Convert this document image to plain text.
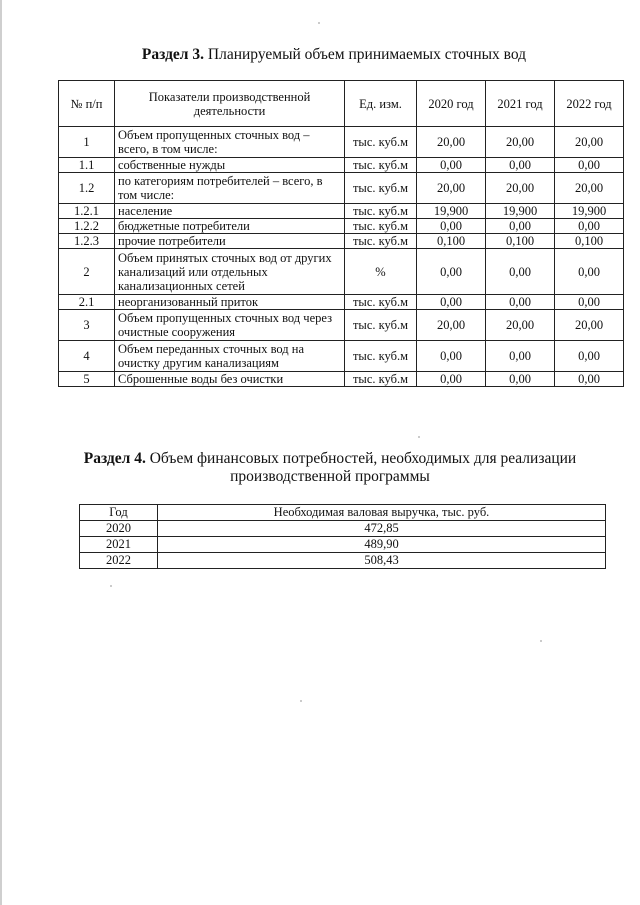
Раздел 3. Планируемый объем принимаемых сточных вод
№ п/п	Показатели производственной деятельности	Ед. изм.	2020 год	2021 год	2022 год
1	Объем пропущенных сточных вод – всего, в том числе:	тыс. куб.м	20,00	20,00	20,00
1.1	собственные нужды	тыс. куб.м	0,00	0,00	0,00
1.2	по категориям потребителей – всего, в том числе:	тыс. куб.м	20,00	20,00	20,00
1.2.1	население	тыс. куб.м	19,900	19,900	19,900
1.2.2	бюджетные потребители	тыс. куб.м	0,00	0,00	0,00
1.2.3	прочие потребители	тыс. куб.м	0,100	0,100	0,100
2	Объем принятых сточных вод от других канализаций или отдельных канализационных сетей	%	0,00	0,00	0,00
2.1	неорганизованный приток	тыс. куб.м	0,00	0,00	0,00
3	Объем пропущенных сточных вод через очистные сооружения	тыс. куб.м	20,00	20,00	20,00
4	Объем переданных сточных вод на очистку другим канализациям	тыс. куб.м	0,00	0,00	0,00
5	Сброшенные воды без очистки	тыс. куб.м	0,00	0,00	0,00
Раздел 4. Объем финансовых потребностей, необходимых для реализации
производственной программы
Год	Необходимая валовая выручка, тыс. руб.
2020	472,85
2021	489,90
2022	508,43
